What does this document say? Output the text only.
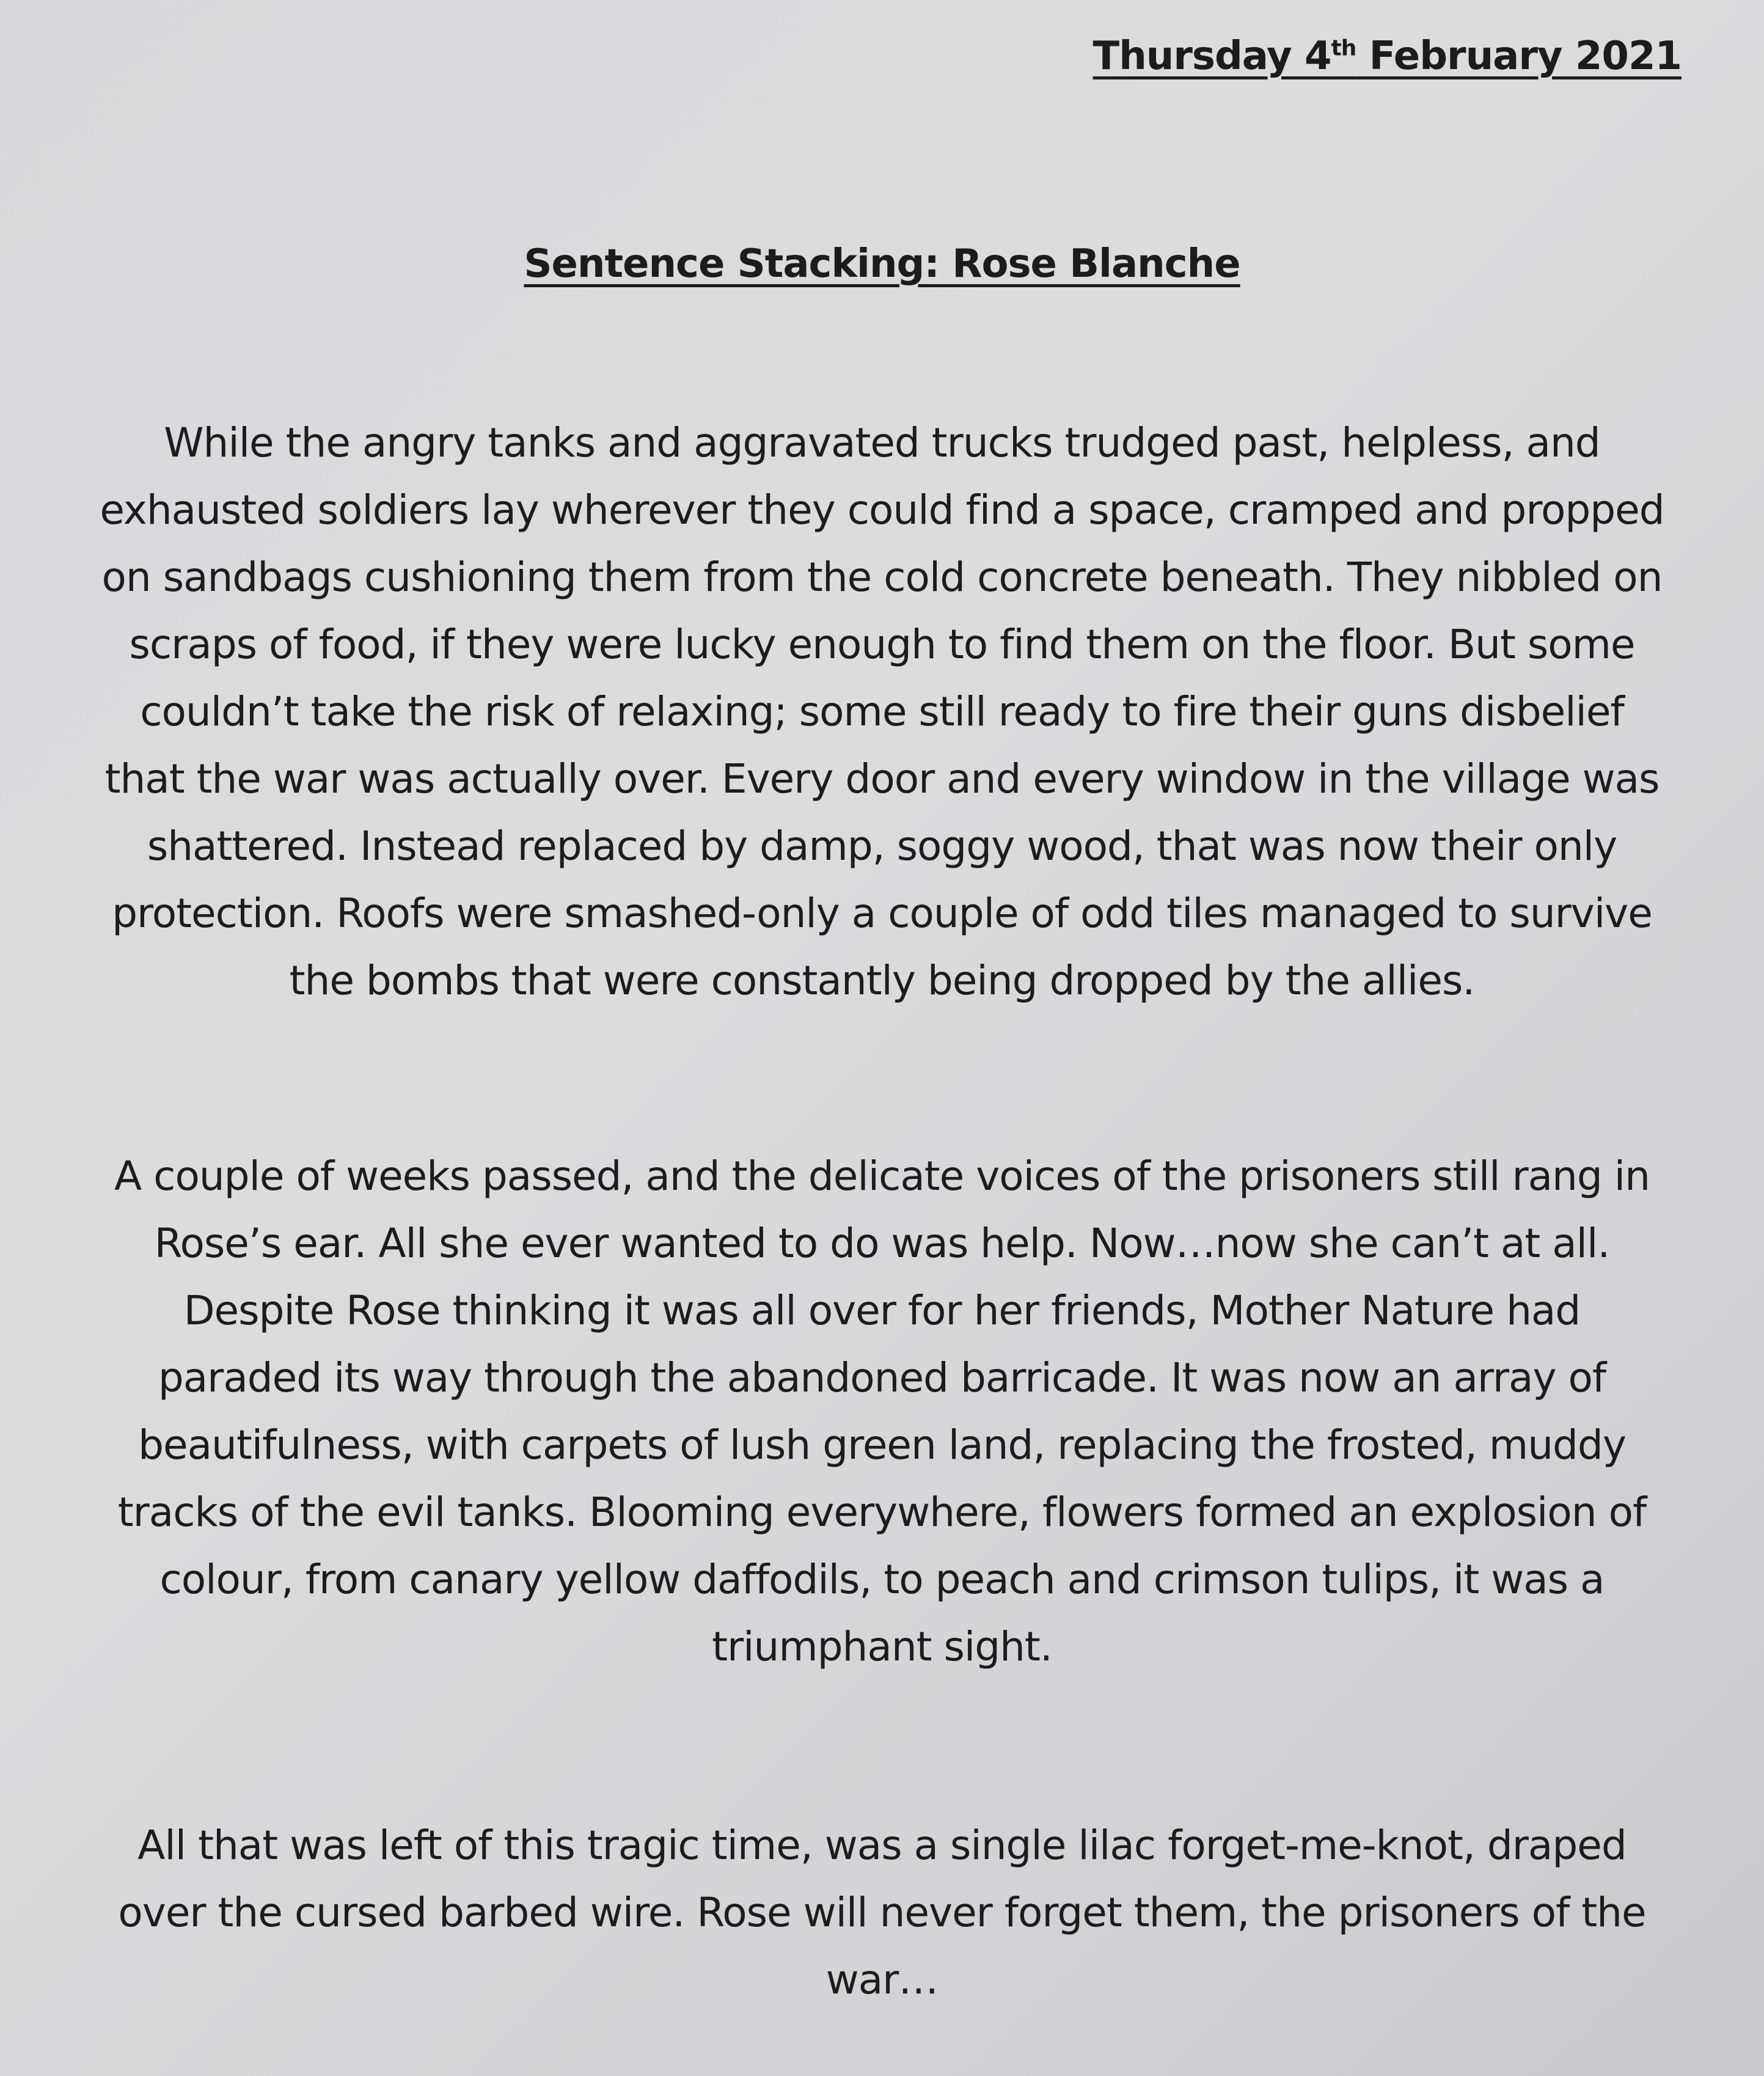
Thursday 4th February 2021
Sentence Stacking: Rose Blanche

While the angry tanks and aggravated trucks trudged past, helpless, and
exhausted soldiers lay wherever they could find a space, cramped and propped
on sandbags cushioning them from the cold concrete beneath. They nibbled on
scraps of food, if they were lucky enough to find them on the floor. But some
couldn’t take the risk of relaxing; some still ready to fire their guns disbelief
that the war was actually over. Every door and every window in the village was
shattered. Instead replaced by damp, soggy wood, that was now their only
protection. Roofs were smashed-only a couple of odd tiles managed to survive
the bombs that were constantly being dropped by the allies.

A couple of weeks passed, and the delicate voices of the prisoners still rang in
Rose’s ear. All she ever wanted to do was help. Now…now she can’t at all.
Despite Rose thinking it was all over for her friends, Mother Nature had
paraded its way through the abandoned barricade. It was now an array of
beautifulness, with carpets of lush green land, replacing the frosted, muddy
tracks of the evil tanks. Blooming everywhere, flowers formed an explosion of
colour, from canary yellow daffodils, to peach and crimson tulips, it was a
triumphant sight.

All that was left of this tragic time, was a single lilac forget-me-knot, draped
over the cursed barbed wire. Rose will never forget them, the prisoners of the
war…
